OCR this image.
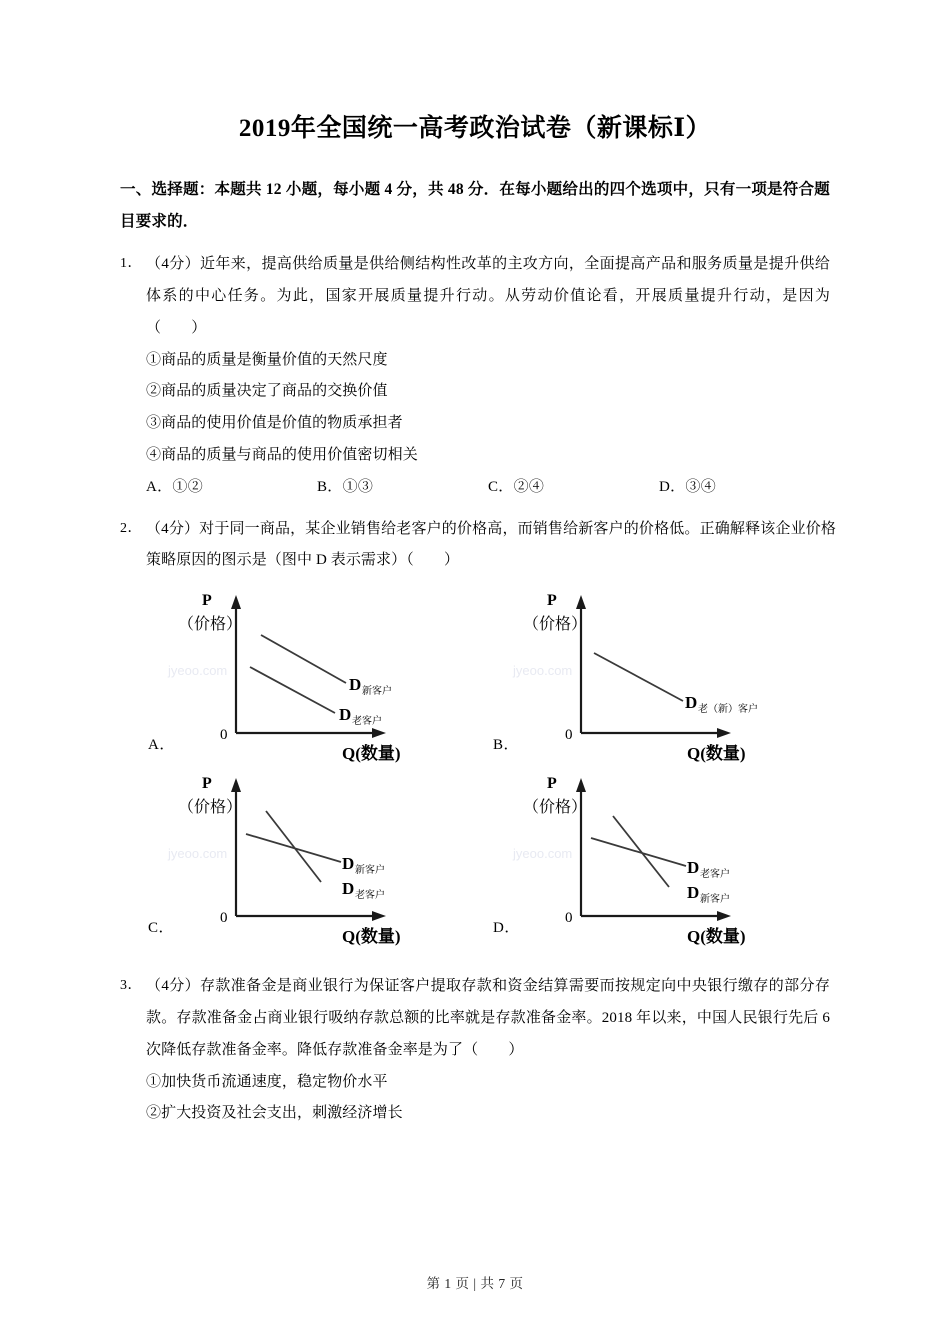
2019年全国统一高考政治试卷（新课标Ⅰ）
一、选择题：本题共 12 小题，每小题 4 分，共 48 分．在每小题给出的四个选项中，只有一项是符合题目要求的．
1． （4分）近年来，提高供给质量是供给侧结构性改革的主攻方向，全面提高产品和服务质量是提升供给体系的中心任务。为此，国家开展质量提升行动。从劳动价值论看，开展质量提升行动，是因为（　　）
①商品的质量是衡量价值的天然尺度
②商品的质量决定了商品的交换价值
③商品的使用价值是价值的物质承担者
④商品的质量与商品的使用价值密切相关
A．①②	B．①③	C．②④	D．③④
2． （4分）对于同一商品，某企业销售给老客户的价格高，而销售给新客户的价格低。正确解释该企业价格策略原因的图示是（图中 D 表示需求）（　　）
jyeoo.com
P
（价格）
0
Q(数量)
D 新客户
D 老客户
A．
jyeoo.com
P
（价格）
0
Q(数量)
D 老（新）客户
B．
jyeoo.com
P
（价格）
0
Q(数量)
D 新客户
D 老客户
C．
jyeoo.com
P
（价格）
0
Q(数量)
D 老客户
D 新客户
D．
3． （4分）存款准备金是商业银行为保证客户提取存款和资金结算需要而按规定向中央银行缴存的部分存款。存款准备金占商业银行吸纳存款总额的比率就是存款准备金率。2018 年以来，中国人民银行先后 6 次降低存款准备金率。降低存款准备金率是为了（　　）
①加快货币流通速度，稳定物价水平
②扩大投资及社会支出，刺激经济增长
第 1 页 | 共 7 页
